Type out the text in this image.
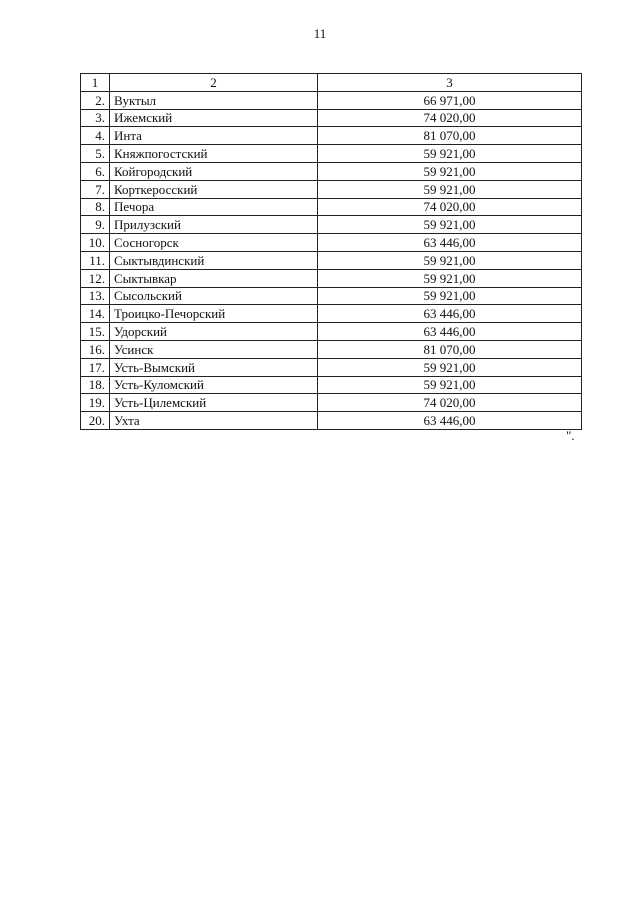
11
1	2	3
2.	Вуктыл	66 971,00
3.	Ижемский	74 020,00
4.	Инта	81 070,00
5.	Княжпогостский	59 921,00
6.	Койгородский	59 921,00
7.	Корткеросский	59 921,00
8.	Печора	74 020,00
9.	Прилузский	59 921,00
10.	Сосногорск	63 446,00
11.	Сыктывдинский	59 921,00
12.	Сыктывкар	59 921,00
13.	Сысольский	59 921,00
14.	Троицко-Печорский	63 446,00
15.	Удорский	63 446,00
16.	Усинск	81 070,00
17.	Усть-Вымский	59 921,00
18.	Усть-Куломский	59 921,00
19.	Усть-Цилемский	74 020,00
20.	Ухта	63 446,00
".
